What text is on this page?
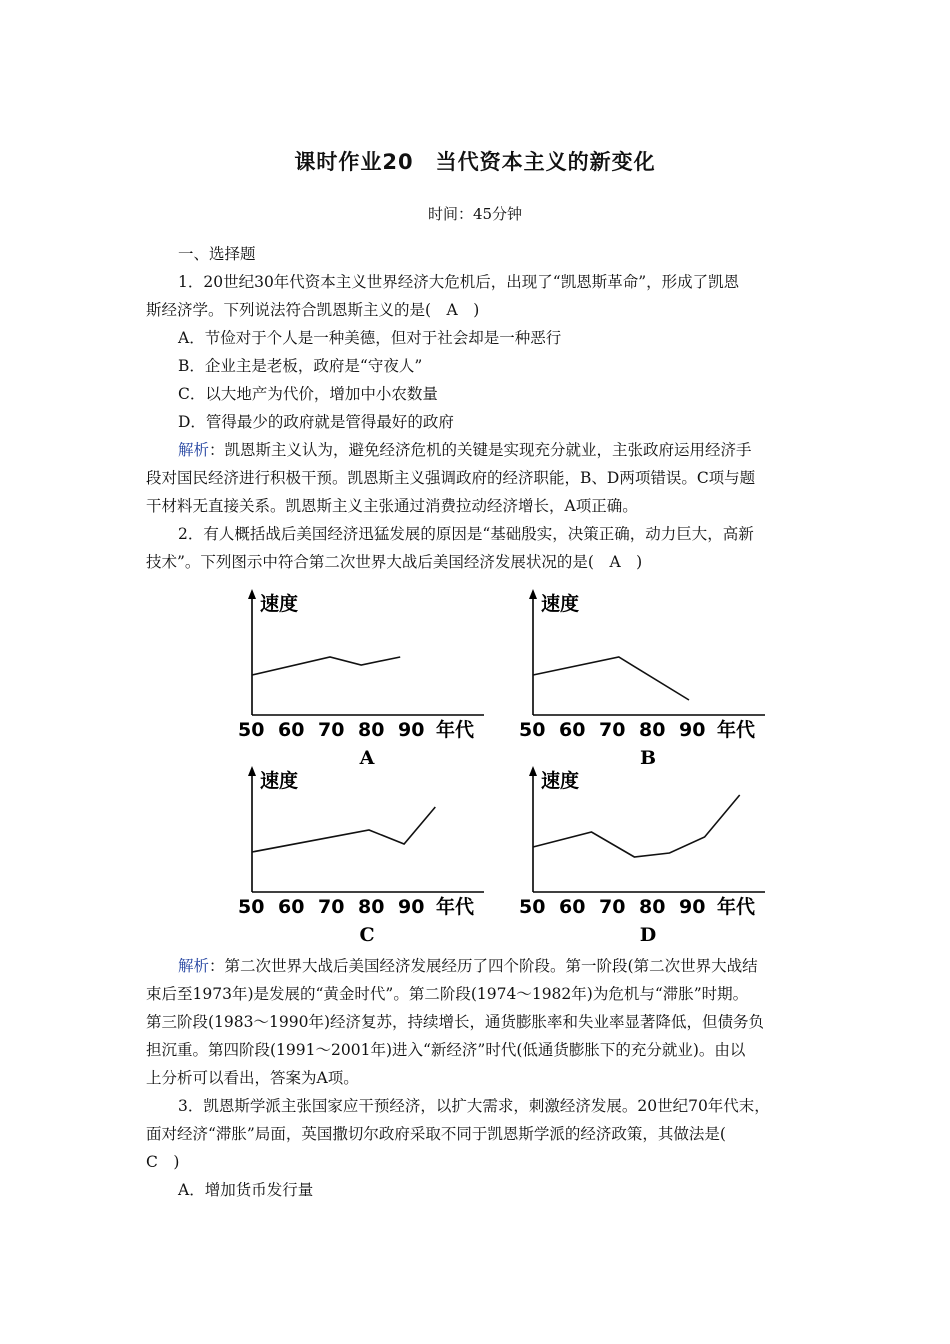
课时作业20　当代资本主义的新变化
时间：45分钟
一、选择题
1．20世纪30年代资本主义世界经济大危机后，出现了“凯恩斯革命”，形成了凯恩
斯经济学。下列说法符合凯恩斯主义的是(　A　)
A．节俭对于个人是一种美德，但对于社会却是一种恶行
B．企业主是老板，政府是“守夜人”
C．以大地产为代价，增加中小农数量
D．管得最少的政府就是管得最好的政府
解析：凯恩斯主义认为，避免经济危机的关键是实现充分就业，主张政府运用经济手
段对国民经济进行积极干预。凯恩斯主义强调政府的经济职能，B、D两项错误。C项与题
干材料无直接关系。凯恩斯主义主张通过消费拉动经济增长，A项正确。
2．有人概括战后美国经济迅猛发展的原因是“基础殷实，决策正确，动力巨大，高新
技术”。下列图示中符合第二次世界大战后美国经济发展状况的是(　A　)
速度
50 60 70 80 90 年代
A
速度
50 60 70 80 90 年代
B
速度
50 60 70 80 90 年代
C
速度
50 60 70 80 90 年代
D
解析：第二次世界大战后美国经济发展经历了四个阶段。第一阶段(第二次世界大战结
束后至1973年)是发展的“黄金时代”。第二阶段(1974～1982年)为危机与“滞胀”时期。
第三阶段(1983～1990年)经济复苏，持续增长，通货膨胀率和失业率显著降低，但债务负
担沉重。第四阶段(1991～2001年)进入“新经济”时代(低通货膨胀下的充分就业)。由以
上分析可以看出，答案为A项。
3．凯恩斯学派主张国家应干预经济，以扩大需求，刺激经济发展。20世纪70年代末，
面对经济“滞胀”局面，英国撒切尔政府采取不同于凯恩斯学派的经济政策，其做法是(
C　)
A．增加货币发行量
